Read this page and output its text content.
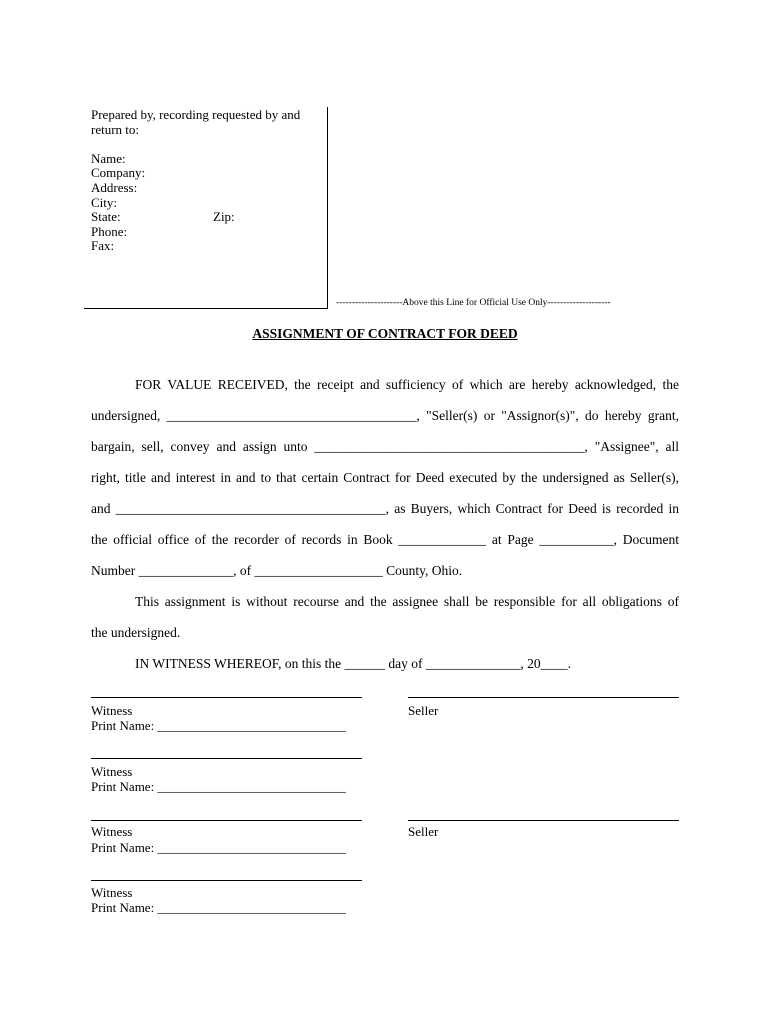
Prepared by, recording requested by and
return to:
Name:
Company:
Address:
City:
State:	Zip:
Phone:
Fax:
---------------------Above this Line for Official Use Only--------------------
ASSIGNMENT OF CONTRACT FOR DEED
FOR VALUE RECEIVED, the receipt and sufficiency of which are hereby acknowledged, the
undersigned, _____________________________________, "Seller(s) or "Assignor(s)", do hereby grant,
bargain, sell, convey and assign unto ________________________________________, "Assignee", all
right, title and interest in and to that certain Contract for Deed executed by the undersigned as Seller(s),
and ________________________________________, as Buyers, which Contract for Deed is recorded in
the official office of the recorder of records in Book _____________ at Page ___________, Document
Number ______________, of ___________________ County, Ohio.
This assignment is without recourse and the assignee shall be responsible for all obligations of
the undersigned.
IN WITNESS WHEREOF, on this the ______ day of ______________, 20____.
Witness	Seller
Print Name: _____________________________
Witness
Print Name: _____________________________
Witness	Seller
Print Name: _____________________________
Witness
Print Name: _____________________________
